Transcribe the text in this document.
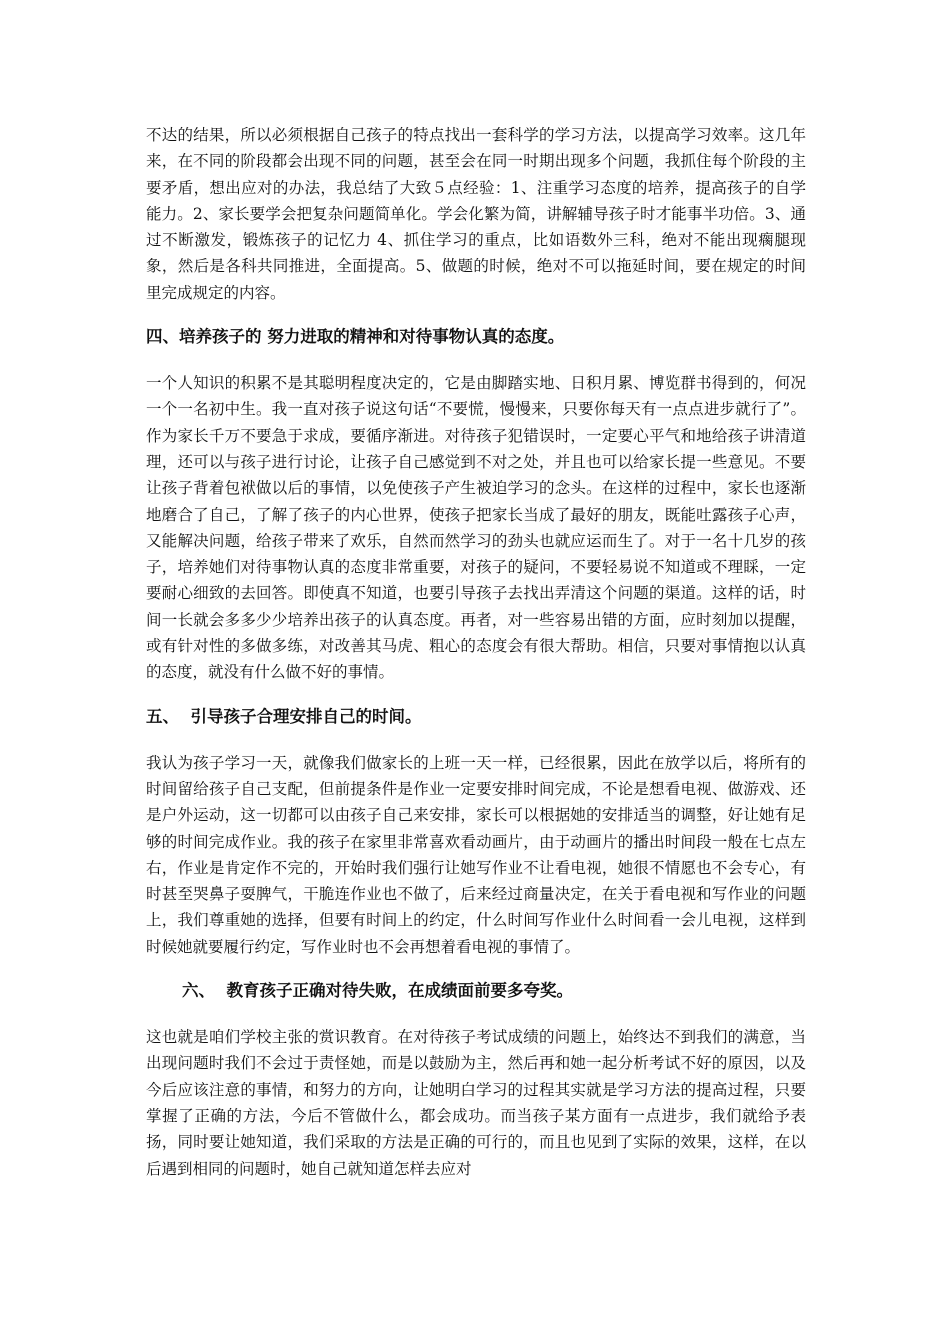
不达的结果，所以必须根据自己孩子的特点找出一套科学的学习方法，以提高学习效率。这几年来，在不同的阶段都会出现不同的问题，甚至会在同一时期出现多个问题，我抓住每个阶段的主要矛盾，想出应对的办法，我总结了大致５点经验：1、注重学习态度的培养，提高孩子的自学能力。2、家长要学会把复杂问题简单化。学会化繁为简，讲解辅导孩子时才能事半功倍。3、通过不断激发，锻炼孩子的记忆力 4、抓住学习的重点，比如语数外三科，绝对不能出现瘸腿现象，然后是各科共同推进，全面提高。5、做题的时候，绝对不可以拖延时间，要在规定的时间里完成规定的内容。

四、培养孩子的 努力进取的精神和对待事物认真的态度。

一个人知识的积累不是其聪明程度决定的，它是由脚踏实地、日积月累、博览群书得到的，何况一个一名初中生。我一直对孩子说这句话“不要慌，慢慢来，只要你每天有一点点进步就行了”。作为家长千万不要急于求成，要循序渐进。对待孩子犯错误时，一定要心平气和地给孩子讲清道理，还可以与孩子进行讨论，让孩子自己感觉到不对之处，并且也可以给家长提一些意见。不要让孩子背着包袱做以后的事情，以免使孩子产生被迫学习的念头。在这样的过程中，家长也逐渐地磨合了自己，了解了孩子的内心世界，使孩子把家长当成了最好的朋友，既能吐露孩子心声，又能解决问题，给孩子带来了欢乐，自然而然学习的劲头也就应运而生了。对于一名十几岁的孩子，培养她们对待事物认真的态度非常重要，对孩子的疑问，不要轻易说不知道或不理睬，一定要耐心细致的去回答。即使真不知道，也要引导孩子去找出弄清这个问题的渠道。这样的话，时间一长就会多多少少培养出孩子的认真态度。再者，对一些容易出错的方面，应时刻加以提醒，或有针对性的多做多练，对改善其马虎、粗心的态度会有很大帮助。相信，只要对事情抱以认真的态度，就没有什么做不好的事情。

五、  引导孩子合理安排自己的时间。

我认为孩子学习一天，就像我们做家长的上班一天一样，已经很累，因此在放学以后，将所有的时间留给孩子自己支配，但前提条件是作业一定要安排时间完成，不论是想看电视、做游戏、还是户外运动，这一切都可以由孩子自己来安排，家长可以根据她的安排适当的调整，好让她有足够的时间完成作业。我的孩子在家里非常喜欢看动画片，由于动画片的播出时间段一般在七点左右，作业是肯定作不完的，开始时我们强行让她写作业不让看电视，她很不情愿也不会专心，有时甚至哭鼻子耍脾气，干脆连作业也不做了，后来经过商量决定，在关于看电视和写作业的问题上，我们尊重她的选择，但要有时间上的约定，什么时间写作业什么时间看一会儿电视，这样到时候她就要履行约定，写作业时也不会再想着看电视的事情了。

六、  教育孩子正确对待失败，在成绩面前要多夸奖。

这也就是咱们学校主张的赏识教育。在对待孩子考试成绩的问题上，始终达不到我们的满意，当出现问题时我们不会过于责怪她，而是以鼓励为主，然后再和她一起分析考试不好的原因，以及今后应该注意的事情，和努力的方向，让她明白学习的过程其实就是学习方法的提高过程，只要掌握了正确的方法，今后不管做什么，都会成功。而当孩子某方面有一点进步，我们就给予表扬，同时要让她知道，我们采取的方法是正确的可行的，而且也见到了实际的效果，这样，在以后遇到相同的问题时，她自己就知道怎样去应对
